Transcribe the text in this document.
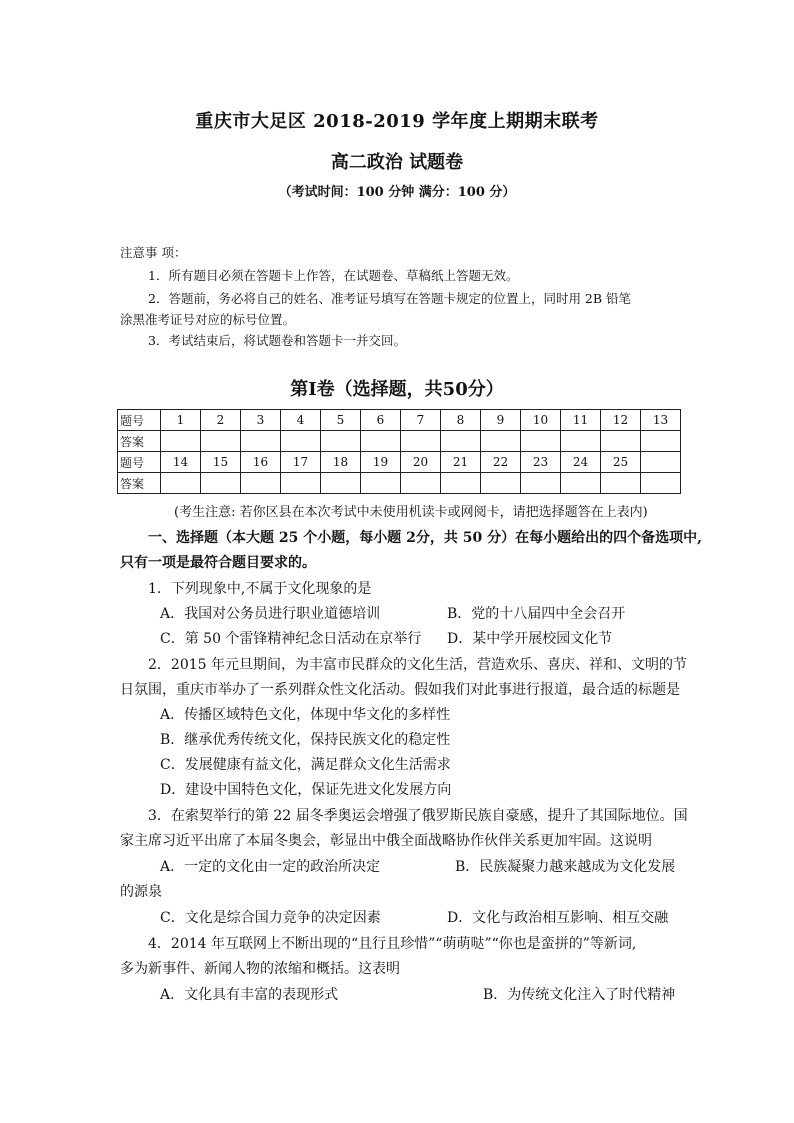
重庆市大足区 2018-2019 学年度上期期末联考
高二政治 试题卷
（考试时间：100 分钟 满分：100 分）
注意事 项：
1．所有题目必须在答题卡上作答，在试题卷、草稿纸上答题无效。
2．答题前，务必将自己的姓名、准考证号填写在答题卡规定的位置上，同时用 2B 铅笔
涂黑准考证号对应的标号位置。
3．考试结束后，将试题卷和答题卡一并交回。
第Ⅰ卷（选择题，共50分）
题号	1	2	3	4	5	6	7	8	9	10	11	12	13
答案													
题号	14	15	16	17	18	19	20	21	22	23	24	25	
答案													
(考生注意: 若你区县在本次考试中未使用机读卡或网阅卡，请把选择题答在上表内)
一、选择题（本大题 25 个小题，每小题 2分，共 50 分）在每小题给出的四个备选项中,
只有一项是最符合题目要求的。
1．下列现象中,不属于文化现象的是
A．我国对公务员进行职业道德培训	B．党的十八届四中全会召开
C．第 50 个雷锋精神纪念日活动在京举行 D．某中学开展校园文化节
2．2015 年元旦期间，为丰富市民群众的文化生活，营造欢乐、喜庆、祥和、文明的节
日氛围，重庆市举办了一系列群众性文化活动。假如我们对此事进行报道，最合适的标题是
A．传播区域特色文化，体现中华文化的多样性
B．继承优秀传统文化，保持民族文化的稳定性
C．发展健康有益文化，满足群众文化生活需求
D．建设中国特色文化，保证先进文化发展方向
3．在索契举行的第 22 届冬季奥运会增强了俄罗斯民族自豪感，提升了其国际地位。国
家主席习近平出席了本届冬奥会，彰显出中俄全面战略协作伙伴关系更加牢固。这说明
A．一定的文化由一定的政治所决定	B．民族凝聚力越来越成为文化发展
的源泉
C．文化是综合国力竞争的决定因素	D．文化与政治相互影响、相互交融
4．2014 年互联网上不断出现的“且行且珍惜”“萌萌哒”“你也是蛮拼的”等新词,
多为新事件、新闻人物的浓缩和概括。这表明
A．文化具有丰富的表现形式	B．为传统文化注入了时代精神
